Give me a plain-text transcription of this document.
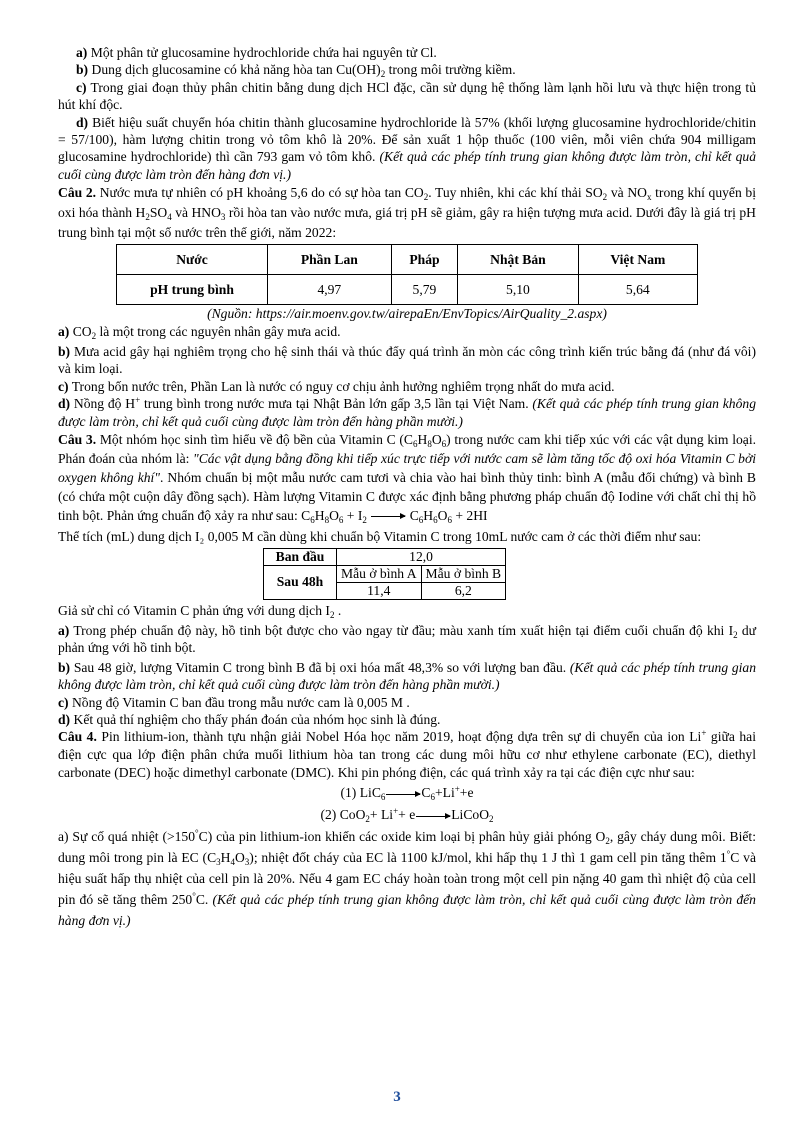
a) Một phân tử glucosamine hydrochloride chứa hai nguyên tử Cl.

b) Dung dịch glucosamine có khả năng hòa $\tan Cu(OH)_2$ trong môi trường kiềm.

c) Trong giai đoạn thủy phân chitin bằng dung dịch HCl đặc, cần sử dụng hệ thống làm lạnh hồi lưu và thực hiện trong tủ hút khí độc.

d) Biết hiệu suất chuyển hóa chitin thành glucosamine hydrochloride là 57% (khối lượng glucosamine hydrochloride/chitin = 57/100), hàm lượng chitin trong vỏ tôm khô là 20%. Để sản xuất 1 hộp thuốc (100 viên, mỗi viên chứa 904 milligam glucosamine hydrochloride) thì cần 793 gam vỏ tôm khô. (Kết quả các phép tính trung gian không được làm tròn, chỉ kết quả cuối cùng được làm tròn đến hàng đơn vị.)

Câu 2. Nước mưa tự nhiên có pH khoảng 5,6 do có sự hòa $\tan CO_2$. Tuy nhiên, khi các khí thải $SO_2$ và $NO_x$ trong khí quyển bị oxi hóa thành $H_2SO_4$ và $HNO_3$ rồi hòa tan vào nước mưa, giá trị pH sẽ giảm, gây ra hiện tượng mưa acid. Dưới đây là giá trị pH trung bình tại một số nước trên thế giới, năm 2022:

Nước	Phần Lan	Pháp	Nhật Bản	Việt Nam
pH trung bình	4,97	5,79	5,10	5,64

(Nguồn: https://air.moenv.gov.tw/airepaEn/EnvTopics/AirQuality_2.aspx)

a) $CO_2$ là một trong các nguyên nhân gây mưa acid.

b) Mưa acid gây hại nghiêm trọng cho hệ sinh thái và thúc đẩy quá trình ăn mòn các công trình kiến trúc bằng đá (như đá vôi) và kim loại.

c) Trong bốn nước trên, Phần Lan là nước có nguy cơ chịu ảnh hưởng nghiêm trọng nhất do mưa acid.

d) Nồng độ H+ trung bình trong nước mưa tại Nhật Bản lớn gấp 3,5 lần tại Việt Nam. (Kết quả các phép tính trung gian không được làm tròn, chỉ kết quả cuối cùng được làm tròn đến hàng phần mười.)

Câu 3. Một nhóm học sinh tìm hiểu về độ bền của Vitamin C $(C_6H_8O_6)$ trong nước cam khi tiếp xúc với các vật dụng kim loại. Phán đoán của nhóm là: "Các vật dụng bằng đồng khi tiếp xúc trực tiếp với nước cam sẽ làm tăng tốc độ oxi hóa Vitamin C bởi oxygen không khí". Nhóm chuẩn bị một mẫu nước cam tươi và chia vào hai bình thủy tinh: bình A (mẫu đối chứng) và bình B (có chứa một cuộn dây đồng sạch). Hàm lượng Vitamin C được xác định bằng phương pháp chuẩn độ Iodine với chất chỉ thị hồ tinh bột. Phản ứng chuẩn độ xảy ra như sau: $C_6H_8O_6 + I_2$	$C_6H_6O_6 + 2HI$

Thể tích (mL) dung dịch I₂ 0,005 M cần dùng khi chuẩn bộ Vitamin C trong 10mL nước cam ở các thời điểm như sau:

Ban đầu	12,0	
Sau 48h	Mẫu ở bình A	Mẫu ở bình B
	11,4	6,2

Giả sử chỉ có Vitamin C phản ứng với dung dịch $I_2$ .

a) Trong phép chuẩn độ này, hồ tinh bột được cho vào ngay từ đầu; màu xanh tím xuất hiện tại điểm cuối chuẩn độ khi $I_2$ dư phản ứng với hồ tinh bột.

b) Sau 48 giờ, lượng Vitamin C trong bình B đã bị oxi hóa mất 48,3% so với lượng ban đầu. (Kết quả các phép tính trung gian không được làm tròn, chỉ kết quả cuối cùng được làm tròn đến hàng phần mười.)

c) Nồng độ Vitamin C ban đầu trong mẫu nước cam là 0,005 M .

d) Kết quả thí nghiệm cho thấy phán đoán của nhóm học sinh là đúng.

Câu 4. Pin lithium-ion, thành tựu nhận giải Nobel Hóa học năm 2019, hoạt động dựa trên sự di chuyển của ion Li+ giữa hai điện cực qua lớp điện phân chứa muối lithium hòa tan trong các dung môi hữu cơ như ethylene carbonate (EC), diethyl carbonate (DEC) hoặc dimethyl carbonate (DMC). Khi pin phóng điện, các quá trình xảy ra tại các điện cực như sau:

(1) LiC$_6$	$C_6+Li^++e$

(2) CoO$_2$+ Li++ e	LiCoO$_2$

a) Sự cố quá nhiệt (>150°C) của pin lithium-ion khiến các oxide kim loại bị phân hủy giải phóng $O_2$, gây cháy dung môi. Biết: dung môi trong pin là EC $(C_3H_4O_3)$; nhiệt đốt cháy của EC là 1100 kJ/mol, khi hấp thụ 1 J thì 1 gam cell pin tăng thêm 1°C và hiệu suất hấp thụ nhiệt của cell pin là 20%. Nếu 4 gam EC cháy hoàn toàn trong một cell pin nặng 40 gam thì nhiệt độ của cell pin đó sẽ tăng thêm 250°C. (Kết quả các phép tính trung gian không được làm tròn, chỉ kết quả cuối cùng được làm tròn đến hàng đơn vị.)

3
